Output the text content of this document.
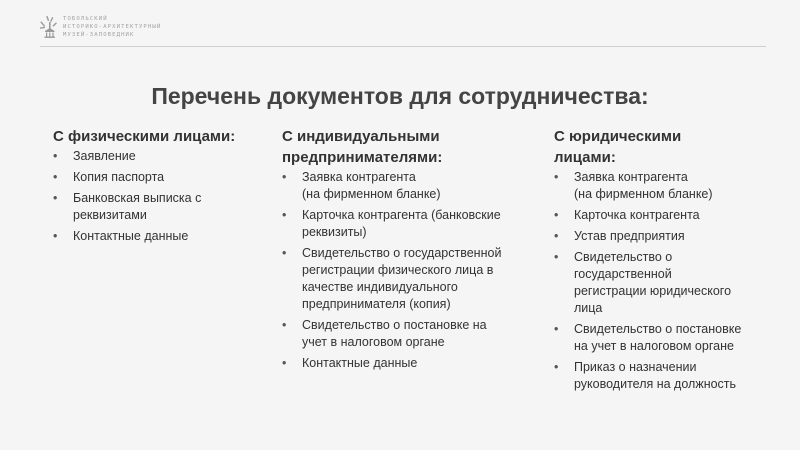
ТОБОЛЬСКИЙ
ИСТОРИКО-АРХИТЕКТУРНЫЙ
МУЗЕЙ-ЗАПОВЕДНИК
Перечень документов для сотрудничества:
С физическими лицами:
• Заявление
• Копия паспорта
• Банковская выписка с реквизитами
• Контактные данные
С индивидуальными предпринимателями:
• Заявка контрагента
(на фирменном бланке)
• Карточка контрагента (банковские реквизиты)
• Свидетельство о государственной регистрации физического лица в качестве индивидуального предпринимателя (копия)
• Свидетельство о постановке на учет в налоговом органе
• Контактные данные
С юридическими лицами:
• Заявка контрагента
(на фирменном бланке)
• Карточка контрагента
• Устав предприятия
• Свидетельство о государственной регистрации юридического лица
• Свидетельство о постановке на учет в налоговом органе
• Приказ о назначении руководителя на должность
